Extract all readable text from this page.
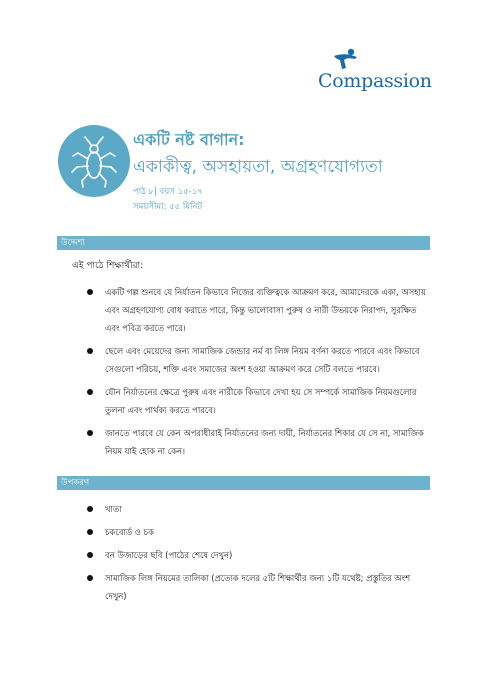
Compassion
একটি নষ্ট বাগান:
একাকীত্ব, অসহায়তা, অগ্রহণযোগ্যতা
পাঠ ৮| বয়স ১৫-১৭
সময়সীমা: ৫৫ মিনিট
উদ্দেশ্য
এই পাঠে শিক্ষার্থীরা:
একটি গল্প শুনবে যে নির্যাতন কিভাবে নিজের ব্যক্তিত্বকে আক্রমণ করে, আমাদেরকে একা, অসহায় এবং অগ্রহণযোগ্য বোধ করাতে পারে, কিন্তু ভালোবাসা পুরুষ ও নারী উভয়কে নিরাপদ, সুরক্ষিত এবং পবিত্র করতে পারে।
ছেলে এবং মেয়েদের জন্য সামাজিক জেন্ডার নর্ম বা লিঙ্গ নিয়ম বর্ণনা করতে পারবে এবং কিভাবে সেগুলো পরিচয়, শক্তি এবং সমাজের অংশ হওয়া আক্রমণ করে সেটি বলতে পারবে।
যৌন নির্যাতনের ক্ষেত্রে পুরুষ এবং নারীকে কিভাবে দেখা হয় সে সম্পর্কে সামাজিক নিয়মগুলোর তুলনা এবং পার্থক্য করতে পারবে।
জানতে পারবে যে কেন অপরাধীরাই নির্যাতনের জন্য দায়ী, নির্যাতনের শিকার যে সে না, সামাজিক নিয়ম যাই হোক না কেন।
উপকরণ
খাতা
চকবোর্ড ও চক
বন উজাড়ের ছবি (পাঠের শেষে দেখুন)
সামাজিক লিঙ্গ নিয়মের তালিকা (প্রত্যেক দলের ৫টি শিক্ষার্থীর জন্য ১টি যথেষ্ট; প্রস্তুতির অংশ দেখুন)
